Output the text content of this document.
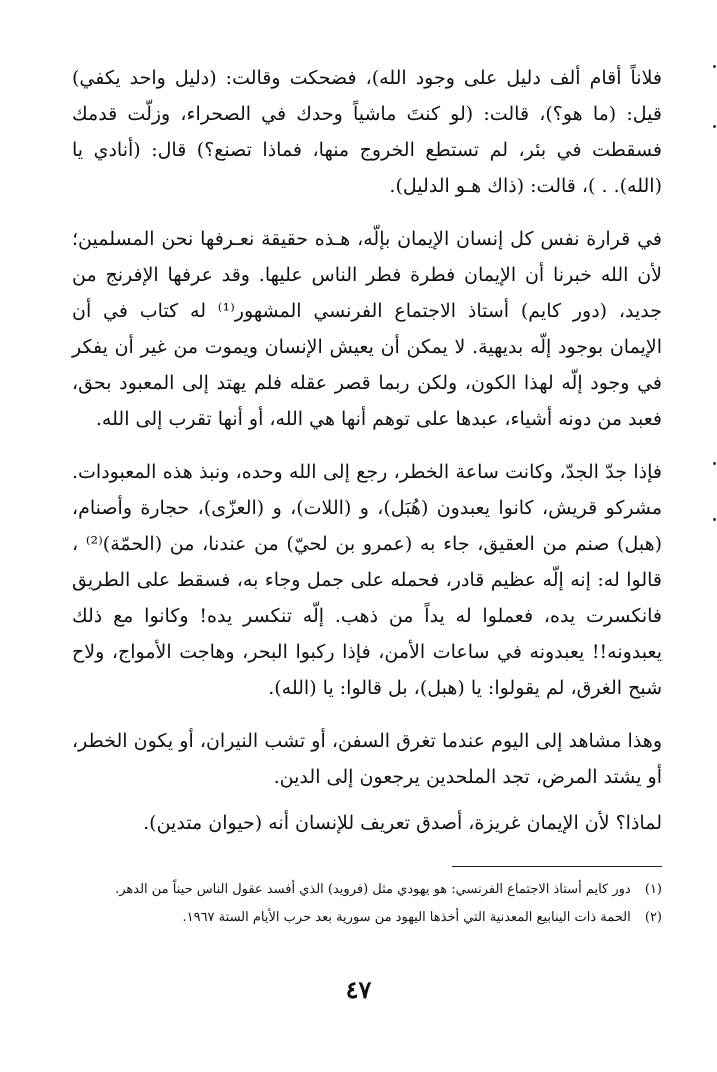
فلاناً أقام ألف دليل على وجود الله)، فضحكت وقالت: (دليل واحد يكفي) قيل: (ما هو؟)، قالت: (لو كنتَ ماشياً وحدك في الصحراء، وزلّت قدمك فسقطت في بئر، لم تستطع الخروج منها، فماذا تصنع؟) قال: (أنادي يا (الله). . )، قالت: (ذاك هـو الدليل).

في قرارة نفس كل إنسان الإيمان بإلّه، هـذه حقيقة نعـرفها نحن المسلمين؛ لأن الله خبرنا أن الإيمان فطرة فطر الناس عليها. وقد عرفها الإفرنج من جديد، (دور كايم) أستاذ الاجتماع الفرنسي المشهور⁽¹⁾ له كتاب في أن الإيمان بوجود إلّه بديهية. لا يمكن أن يعيش الإنسان ويموت من غير أن يفكر في وجود إلّه لهذا الكون، ولكن ربما قصر عقله فلم يهتد إلى المعبود بحق، فعبد من دونه أشياء، عبدها على توهم أنها هي الله، أو أنها تقرب إلى الله.

فإذا جدّ الجدّ، وكانت ساعة الخطر، رجع إلى الله وحده، ونبذ هذه المعبودات. مشركو قريش، كانوا يعبدون (هُبَل)، و (اللات)، و (العزّى)، حجارة وأصنام، (هبل) صنم من العقيق، جاء به (عمرو بن لحيّ) من عندنا، من (الحمّة)⁽²⁾ ، قالوا له: إنه إلّه عظيم قادر، فحمله على جمل وجاء به، فسقط على الطريق فانكسرت يده، فعملوا له يداً من ذهب. إلّه تنكسر يده! وكانوا مع ذلك يعبدونه!! يعبدونه في ساعات الأمن، فإذا ركبوا البحر، وهاجت الأمواج، ولاح شبح الغرق، لم يقولوا: يا (هبل)، بل قالوا: يا (الله).

وهذا مشاهد إلى اليوم عندما تغرق السفن، أو تشب النيران، أو يكون الخطر، أو يشتد المرض، تجد الملحدين يرجعون إلى الدين.

لماذا؟ لأن الإيمان غريزة، أصدق تعريف للإنسان أنه (حيوان متدين).

(١) دور كايم أستاذ الاجتماع الفرنسي: هو يهودي مثل (فرويد) الذي أفسد عقول الناس حيناً من الدهر.

(٢) الحمة ذات الينابيع المعدنية التي أخذها اليهود من سورية بعد حرب الأيام الستة ١٩٦٧.

٤٧
